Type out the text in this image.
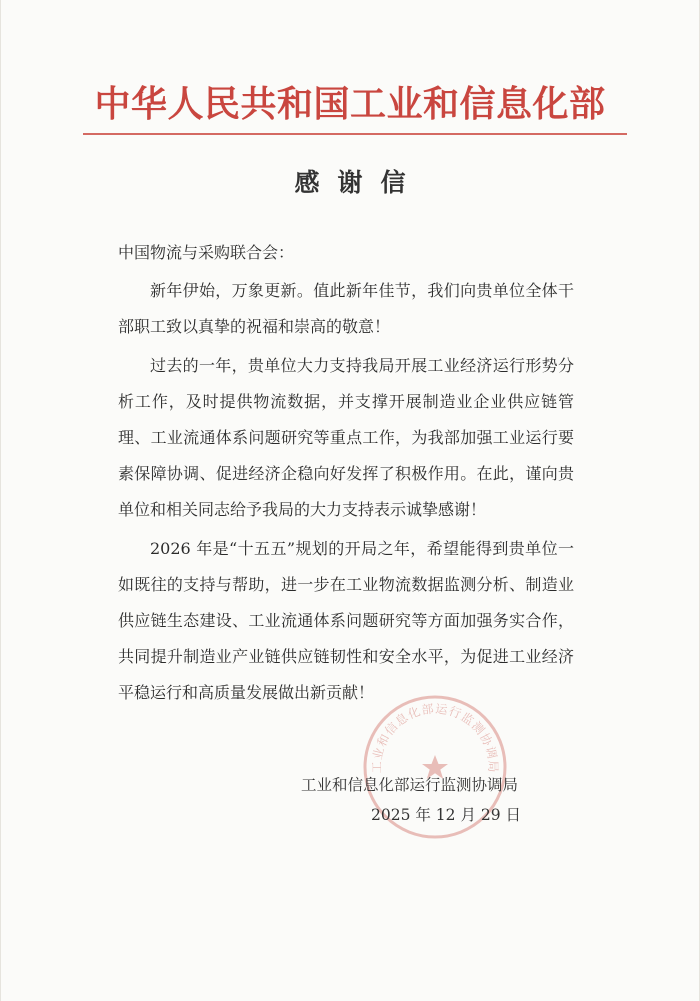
中华人民共和国工业和信息化部
感谢信
中国物流与采购联合会：
新年伊始，万象更新。值此新年佳节，我们向贵单位全体干部职工致以真挚的祝福和崇高的敬意！
过去的一年，贵单位大力支持我局开展工业经济运行形势分析工作，及时提供物流数据，并支撑开展制造业企业供应链管理、工业流通体系问题研究等重点工作，为我部加强工业运行要素保障协调、促进经济企稳向好发挥了积极作用。在此，谨向贵单位和相关同志给予我局的大力支持表示诚挚感谢！
2026 年是“十五五”规划的开局之年，希望能得到贵单位一如既往的支持与帮助，进一步在工业物流数据监测分析、制造业供应链生态建设、工业流通体系问题研究等方面加强务实合作，共同提升制造业产业链供应链韧性和安全水平，为促进工业经济平稳运行和高质量发展做出新贡献！
工业和信息化部运行监测协调局
工业和信息化部运行监测协调局
2025 年 12 月 29 日
